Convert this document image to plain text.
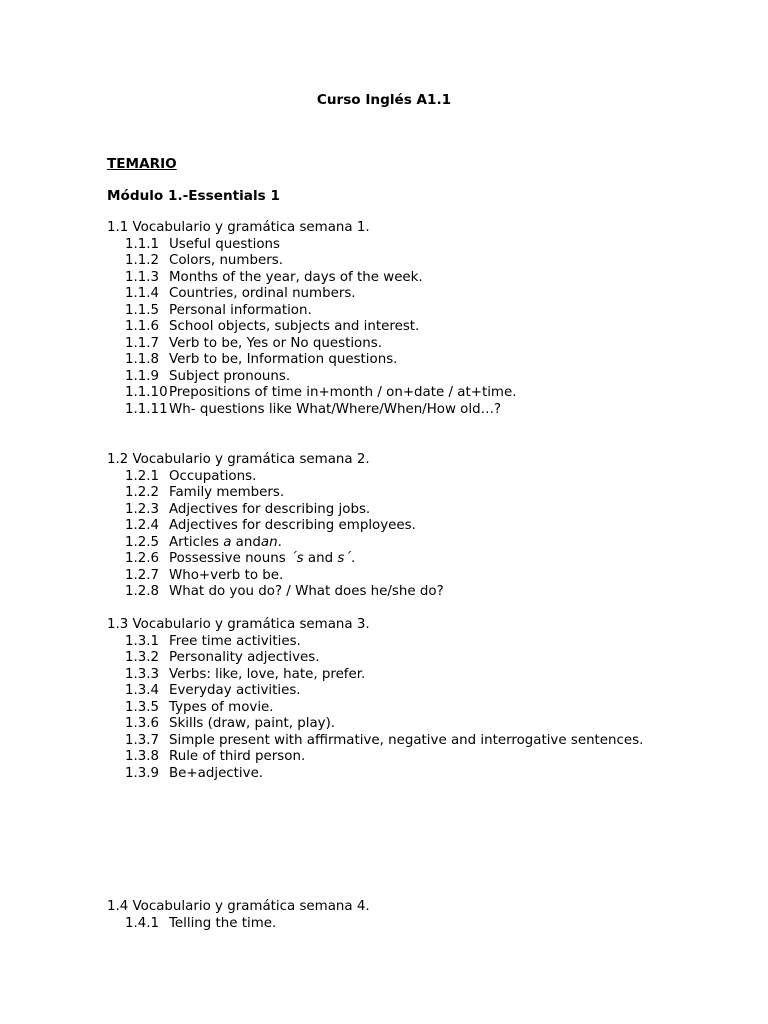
Curso Inglés A1.1
TEMARIO
Módulo 1.-Essentials 1
1.1 Vocabulario y gramática semana 1.
1.1.1 Useful questions
1.1.2 Colors, numbers.
1.1.3 Months of the year, days of the week.
1.1.4 Countries, ordinal numbers.
1.1.5 Personal information.
1.1.6 School objects, subjects and interest.
1.1.7 Verb to be, Yes or No questions.
1.1.8 Verb to be, Information questions.
1.1.9 Subject pronouns.
1.1.10 Prepositions of time in+month / on+date / at+time.
1.1.11 Wh- questions like What/Where/When/How old…?
1.2 Vocabulario y gramática semana 2.
1.2.1 Occupations.
1.2.2 Family members.
1.2.3 Adjectives for describing jobs.
1.2.4 Adjectives for describing employees.
1.2.5 Articles a andan.
1.2.6 Possessive nouns ´s and s´.
1.2.7 Who+verb to be.
1.2.8 What do you do? / What does he/she do?
1.3 Vocabulario y gramática semana 3.
1.3.1 Free time activities.
1.3.2 Personality adjectives.
1.3.3 Verbs: like, love, hate, prefer.
1.3.4 Everyday activities.
1.3.5 Types of movie.
1.3.6 Skills (draw, paint, play).
1.3.7 Simple present with affirmative, negative and interrogative sentences.
1.3.8 Rule of third person.
1.3.9 Be+adjective.
1.4 Vocabulario y gramática semana 4.
1.4.1 Telling the time.
